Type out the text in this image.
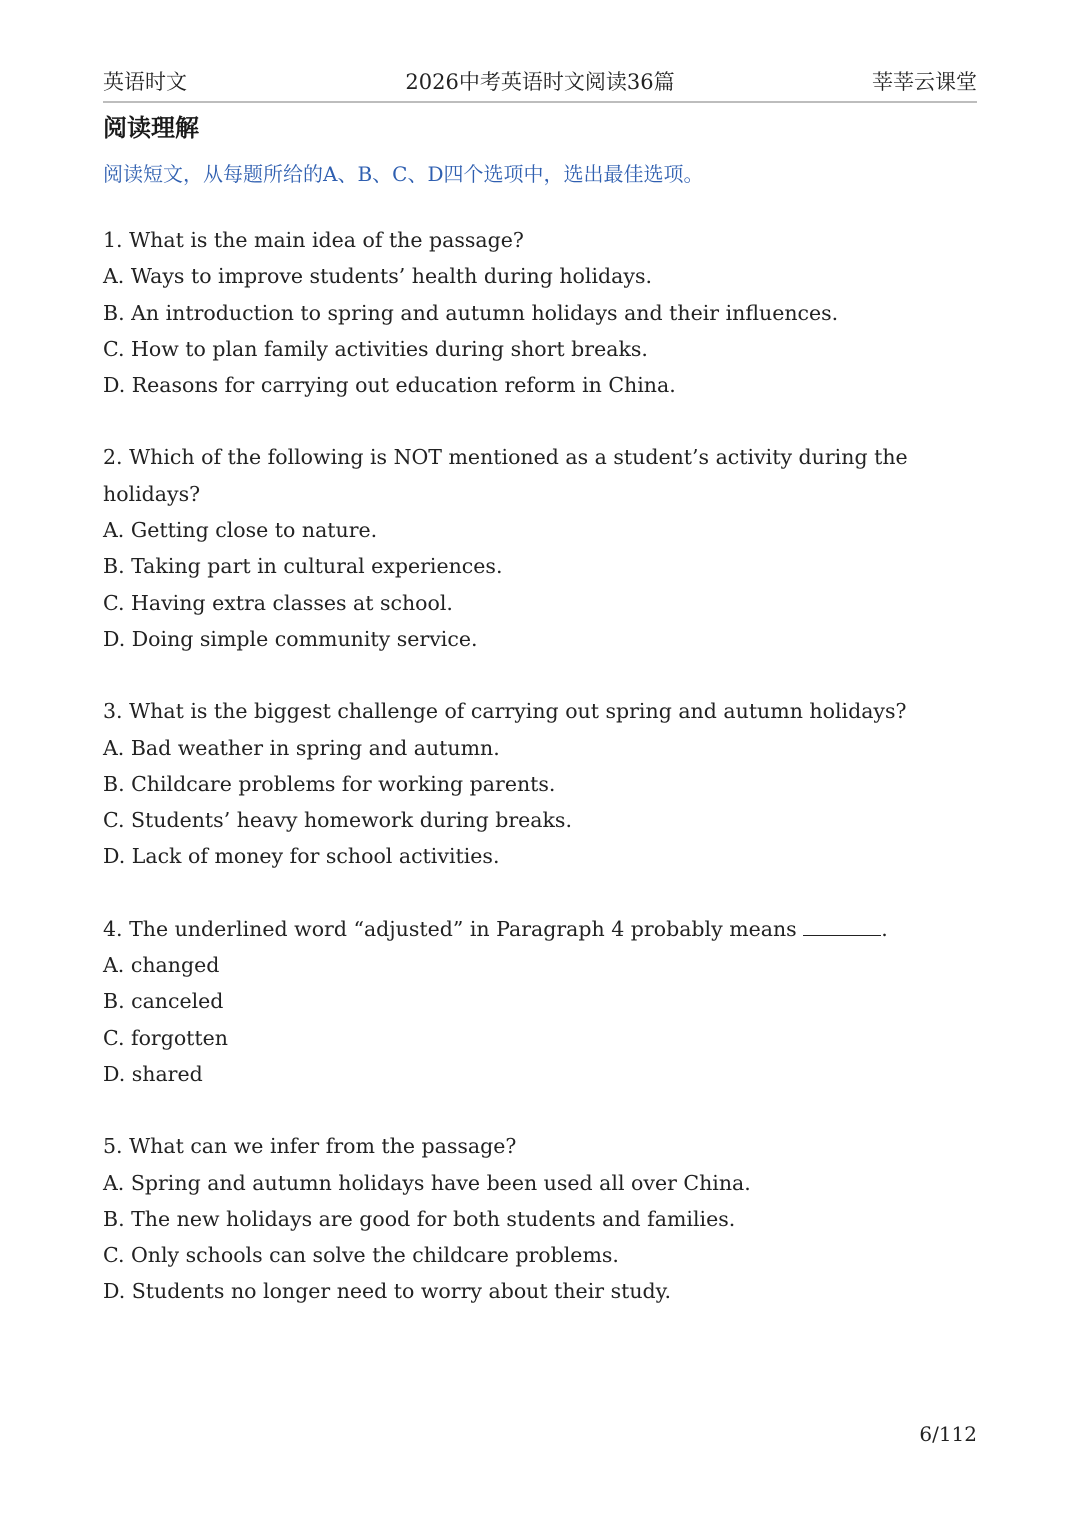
英语时文	2026中考英语时文阅读36篇	莘莘云课堂
阅读理解
阅读短文，从每题所给的A、B、C、D四个选项中，选出最佳选项。
1. What is the main idea of the passage?
A. Ways to improve students’ health during holidays.
B. An introduction to spring and autumn holidays and their influences.
C. How to plan family activities during short breaks.
D. Reasons for carrying out education reform in China.
2. Which of the following is NOT mentioned as a student’s activity during the holidays?
A. Getting close to nature.
B. Taking part in cultural experiences.
C. Having extra classes at school.
D. Doing simple community service.
3. What is the biggest challenge of carrying out spring and autumn holidays?
A. Bad weather in spring and autumn.
B. Childcare problems for working parents.
C. Students’ heavy homework during breaks.
D. Lack of money for school activities.
4. The underlined word “adjusted” in Paragraph 4 probably means	.
A. changed
B. canceled
C. forgotten
D. shared
5. What can we infer from the passage?
A. Spring and autumn holidays have been used all over China.
B. The new holidays are good for both students and families.
C. Only schools can solve the childcare problems.
D. Students no longer need to worry about their study.
6/112
